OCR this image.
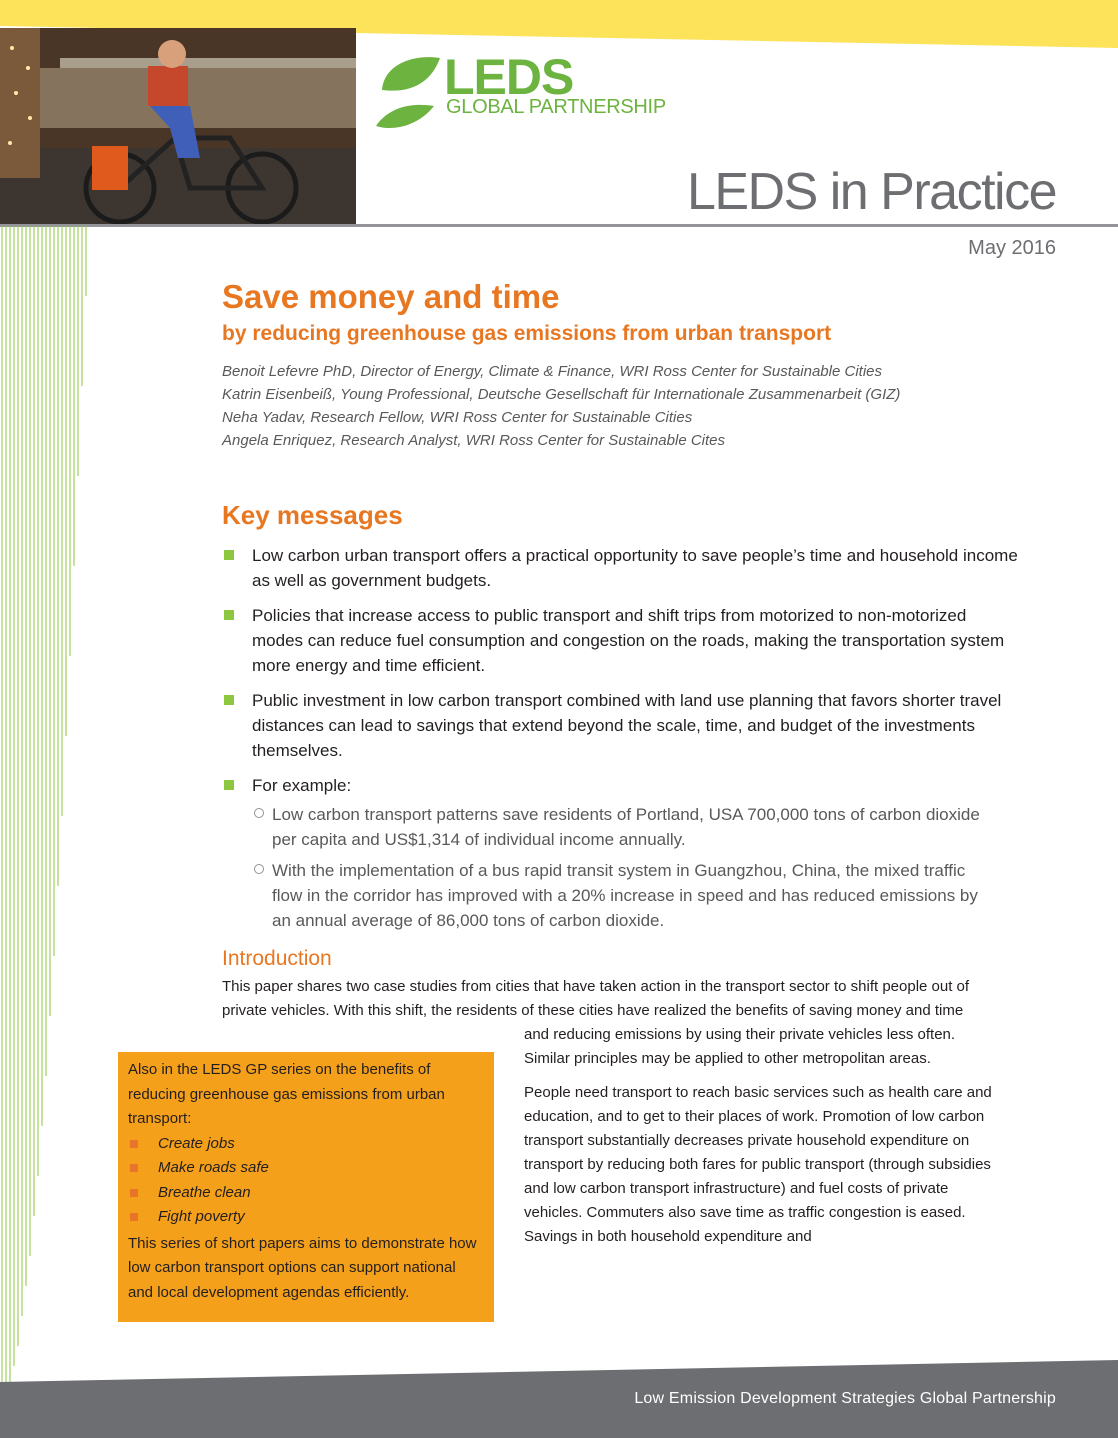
LEDS
GLOBAL PARTNERSHIP
LEDS in Practice
May 2016
Save money and time
by reducing greenhouse gas emissions from urban transport
Benoit Lefevre PhD, Director of Energy, Climate & Finance, WRI Ross Center for Sustainable Cities
Katrin Eisenbeiß, Young Professional, Deutsche Gesellschaft für Internationale Zusammenarbeit (GIZ)
Neha Yadav, Research Fellow, WRI Ross Center for Sustainable Cities
Angela Enriquez, Research Analyst, WRI Ross Center for Sustainable Cites
Key messages
Low carbon urban transport offers a practical opportunity to save people’s time and household income as well as government budgets.
Policies that increase access to public transport and shift trips from motorized to non-motorized modes can reduce fuel consumption and congestion on the roads, making the transportation system more energy and time efficient.
Public investment in low carbon transport combined with land use planning that favors shorter travel distances can lead to savings that extend beyond the scale, time, and budget of the investments themselves.
For example:
Low carbon transport patterns save residents of Portland, USA 700,000 tons of carbon dioxide per capita and US$1,314 of individual income annually.
With the implementation of a bus rapid transit system in Guangzhou, China, the mixed traffic flow in the corridor has improved with a 20% increase in speed and has reduced emissions by an annual average of 86,000 tons of carbon dioxide.
Introduction
This paper shares two case studies from cities that have taken action in the transport sector to shift people out of private vehicles. With this shift, the residents of these cities have realized the benefits of saving money and time
and reducing emissions by using their private vehicles less often. Similar principles may be applied to other metropolitan areas.
People need transport to reach basic services such as health care and education, and to get to their places of work. Promotion of low carbon transport substantially decreases private household expenditure on transport by reducing both fares for public transport (through subsidies and low carbon transport infrastructure) and fuel costs of private vehicles. Commuters also save time as traffic congestion is eased. Savings in both household expenditure and
Also in the LEDS GP series on the benefits of reducing greenhouse gas emissions from urban transport:
Create jobs
Make roads safe
Breathe clean
Fight poverty
This series of short papers aims to demonstrate how low carbon transport options can support national and local development agendas efficiently.
Low Emission Development Strategies Global Partnership
